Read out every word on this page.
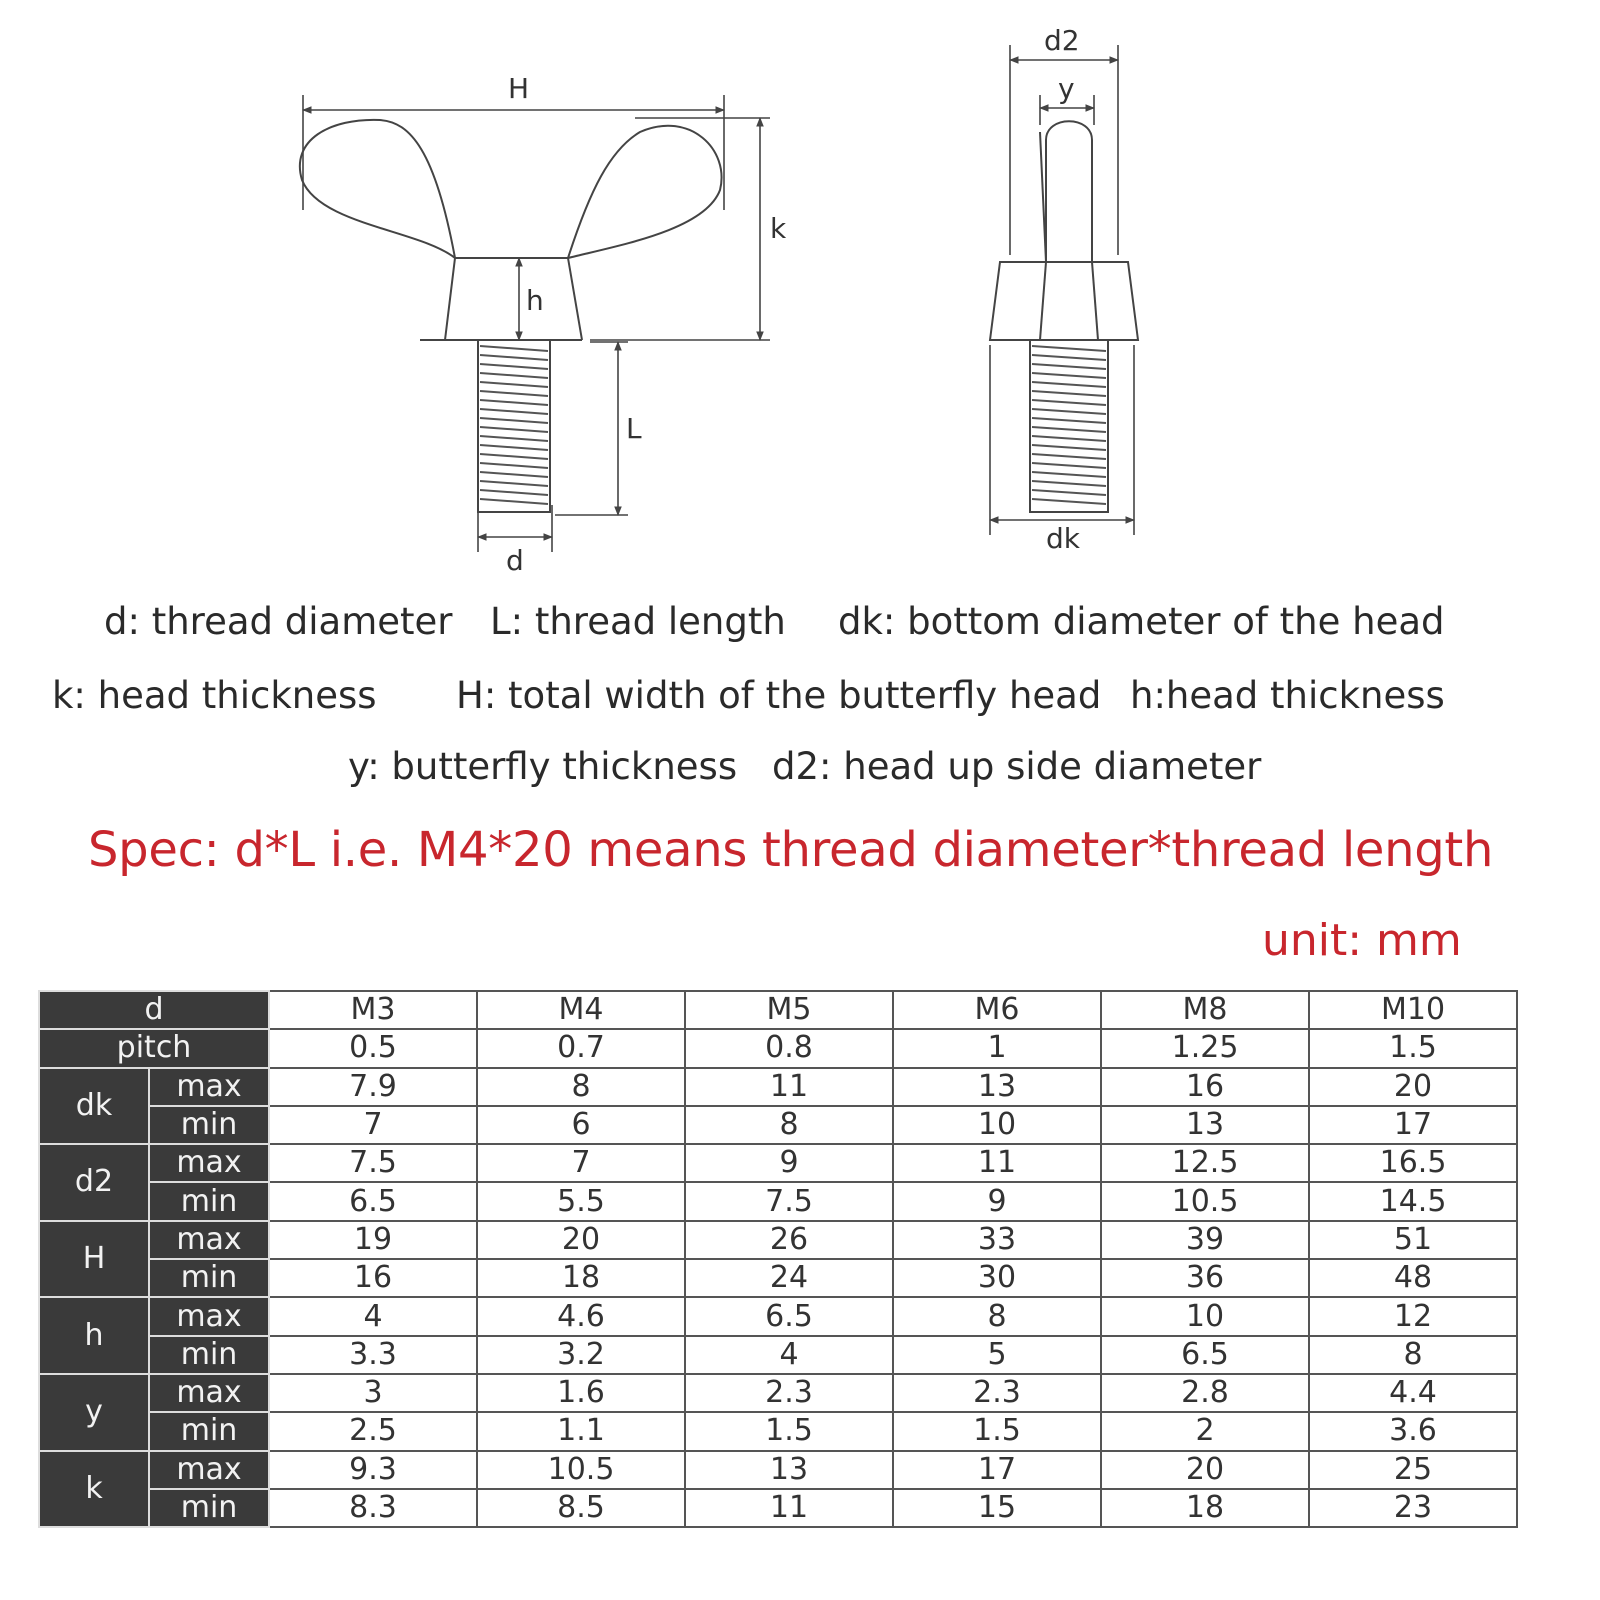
H
k
h
L
d
d2
y
dk
d: thread diameter L: thread length dk: bottom diameter of the head
k: head thickness H: total width of the butterfly head h:head thickness
y: butterfly thickness d2: head up side diameter
Spec: d*L i.e. M4*20 means thread diameter*thread length
unit: mm
d		M3	M4	M5	M6	M8	M10
pitch		0.5	0.7	0.8	1	1.25	1.5
dk	max	7.9	8	11	13	16	20
	min	7	6	8	10	13	17
d2	max	7.5	7	9	11	12.5	16.5
	min	6.5	5.5	7.5	9	10.5	14.5
H	max	19	20	26	33	39	51
	min	16	18	24	30	36	48
h	max	4	4.6	6.5	8	10	12
	min	3.3	3.2	4	5	6.5	8
y	max	3	1.6	2.3	2.3	2.8	4.4
	min	2.5	1.1	1.5	1.5	2	3.6
k	max	9.3	10.5	13	17	20	25
	min	8.3	8.5	11	15	18	23
